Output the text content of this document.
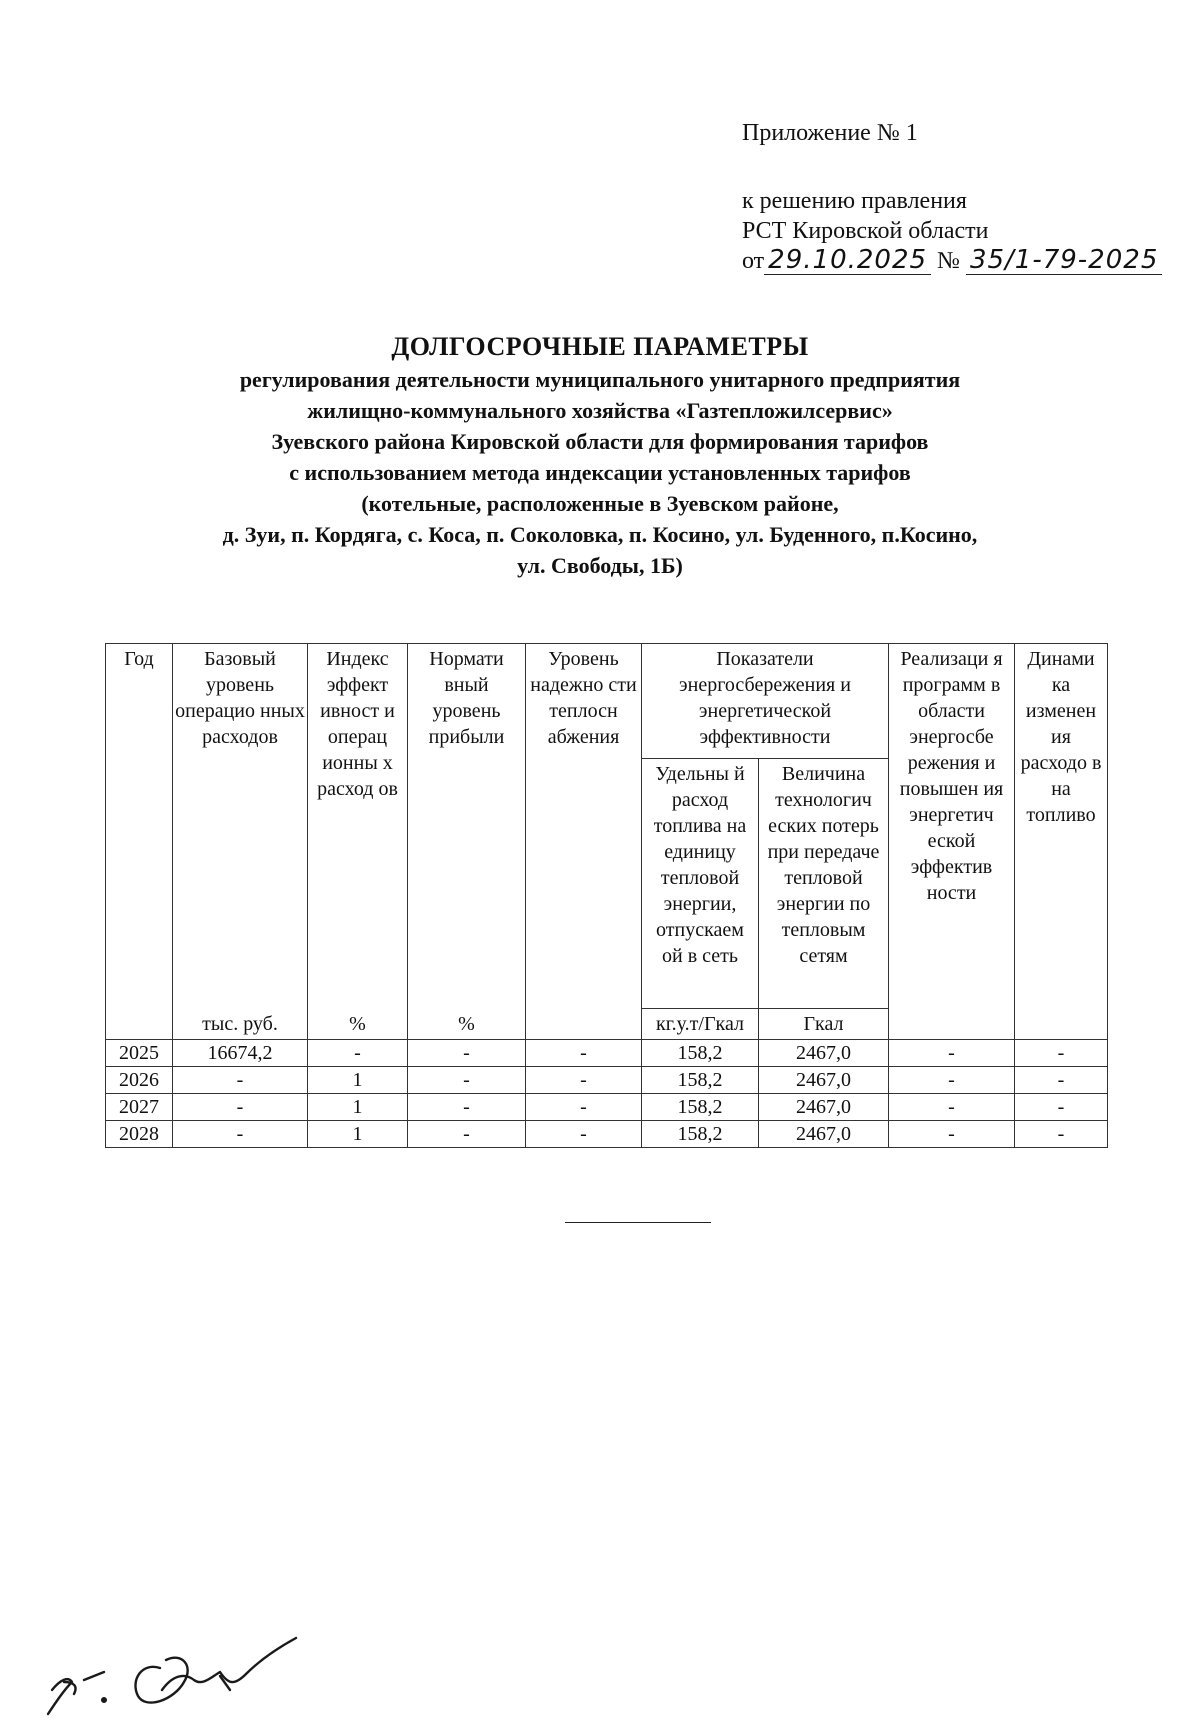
Приложение № 1
к решению правления
РСТ Кировской области
от 29.10.2025 № 35/1-79-2025
ДОЛГОСРОЧНЫЕ ПАРАМЕТРЫ
регулирования деятельности муниципального унитарного предприятия
жилищно-коммунального хозяйства «Газтепложилсервис»
Зуевского района Кировской области для формирования тарифов
с использованием метода индексации установленных тарифов
(котельные, расположенные в Зуевском районе,
д. Зуи, п. Кордяга, с. Коса, п. Соколовка, п. Косино, ул. Буденного, п.Косино,
ул. Свободы, 1Б)
Год	Базовый уровень операцио нных расходов	Индекс эффект ивност и операц ионны х расход ов	Нормати вный уровень прибыли	Уровень надежно сти теплосн абжения	Показатели энергосбережения и энергетической эффективности		Реализаци я программ в области энергосбе режения и повышен ия энергетич еской эффектив ности	Динами ка изменен ия расходо в на топливо
					Удельны й расход топлива на единицу тепловой энергии, отпускаем ой в сеть	Величина технологич еских потерь при передаче тепловой энергии по тепловым сетям		
	тыс. руб.	%	%		кг.у.т/Гкал	Гкал		
2025	16674,2	-	-	-	158,2	2467,0	-	-
2026	-	1	-	-	158,2	2467,0	-	-
2027	-	1	-	-	158,2	2467,0	-	-
2028	-	1	-	-	158,2	2467,0	-	-
